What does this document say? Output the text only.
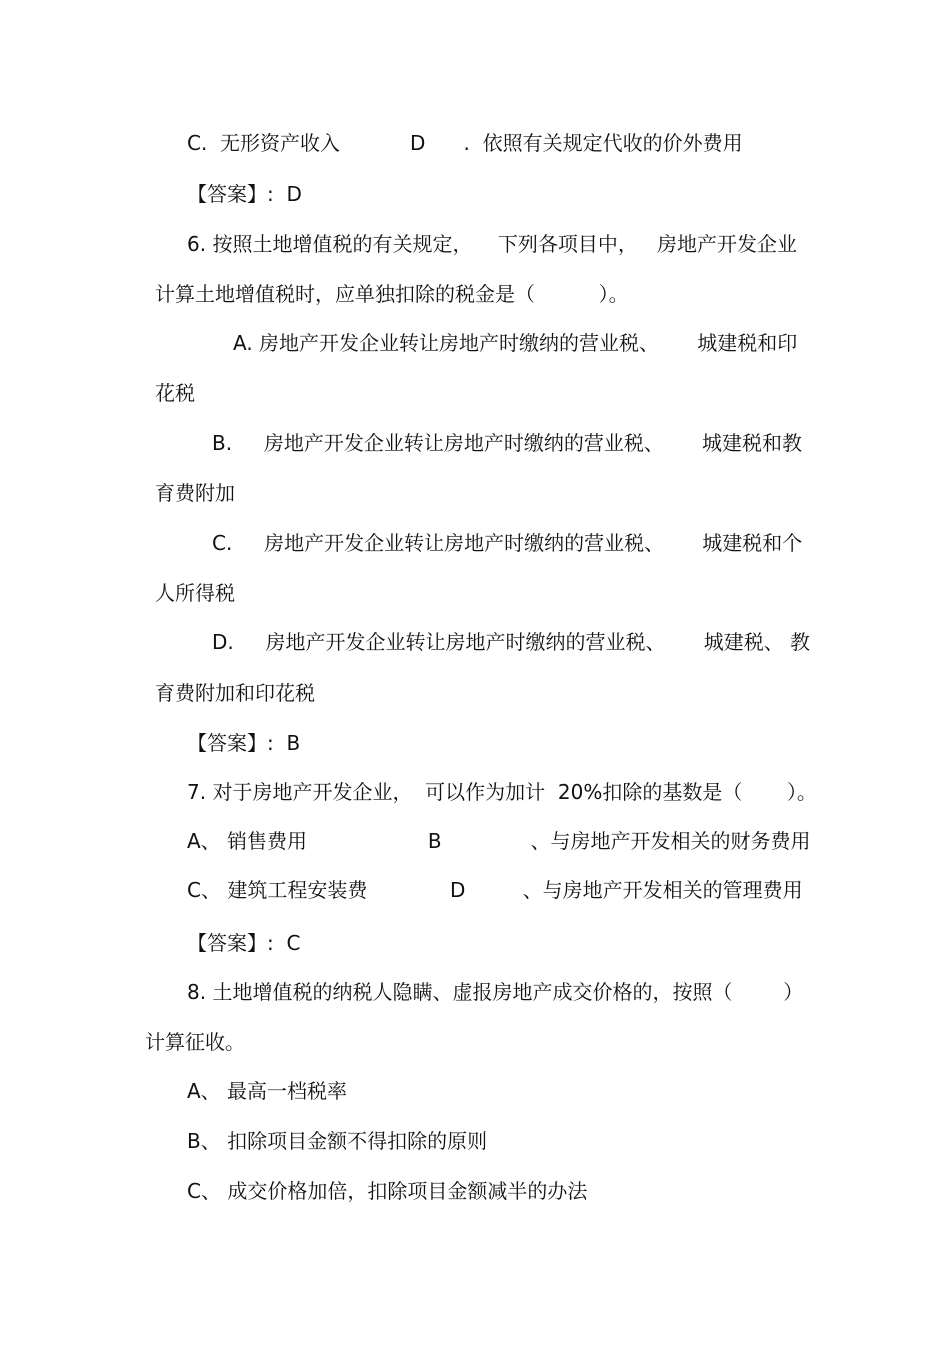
C.  无形资产收入           D      .  依照有关规定代收的价外费用

【答案】:  D

6. 按照土地增值税的有关规定，    下列各项目中，   房地产开发企业

计算土地增值税时，应单独扣除的税金是（          ）。

A. 房地产开发企业转让房地产时缴纳的营业税、      城建税和印

花税

B.     房地产开发企业转让房地产时缴纳的营业税、      城建税和教

育费附加

C.     房地产开发企业转让房地产时缴纳的营业税、      城建税和个

人所得税

D.     房地产开发企业转让房地产时缴纳的营业税、      城建税、 教

育费附加和印花税

【答案】:  B

7. 对于房地产开发企业，  可以作为加计  20%扣除的基数是（       ）。

A、 销售费用                   B              、与房地产开发相关的财务费用

C、 建筑工程安装费             D         、与房地产开发相关的管理费用

【答案】:  C

8. 土地增值税的纳税人隐瞒、虚报房地产成交价格的，按照（        ）

计算征收。

A、 最高一档税率

B、 扣除项目金额不得扣除的原则

C、 成交价格加倍，扣除项目金额减半的办法
